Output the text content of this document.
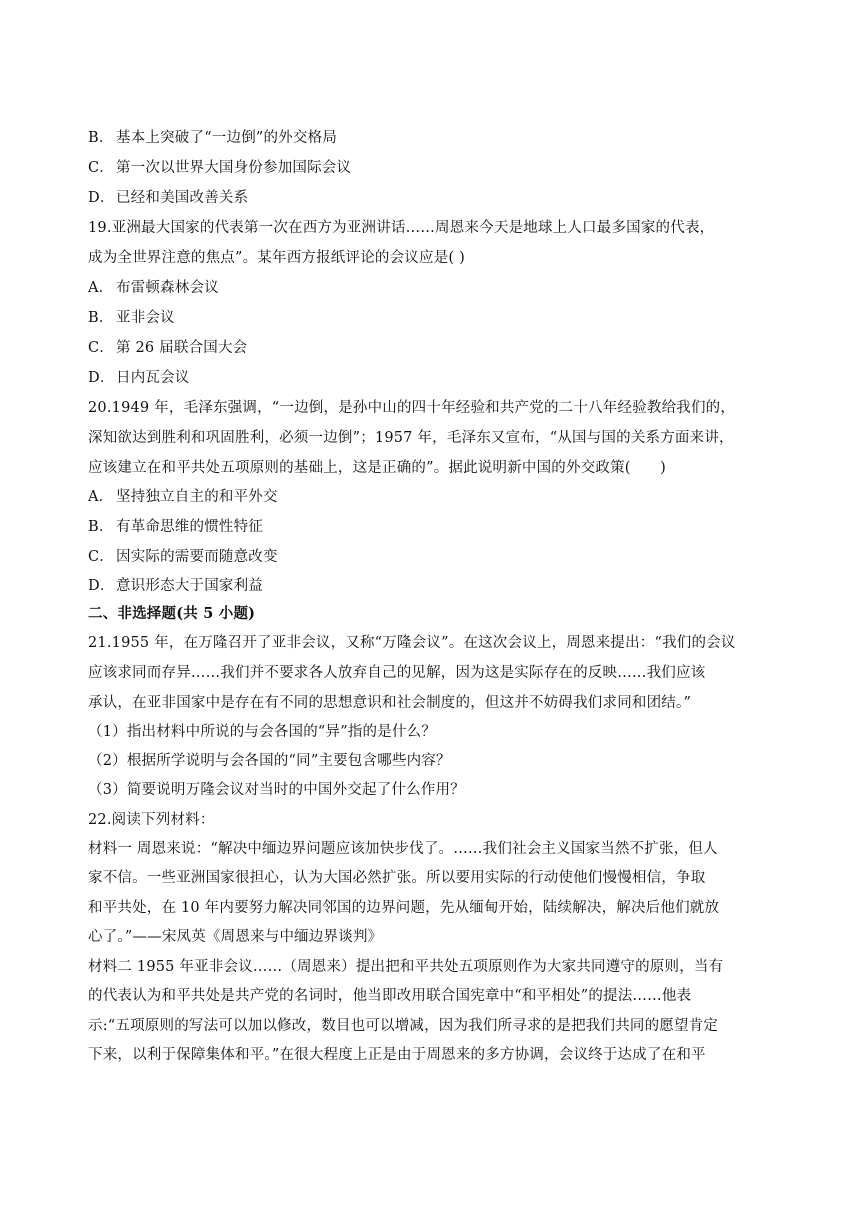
B． 基本上突破了“一边倒”的外交格局
C． 第一次以世界大国身份参加国际会议
D．已经和美国改善关系
19.亚洲最大国家的代表第一次在西方为亚洲讲话……周恩来今天是地球上人口最多国家的代表，
成为全世界注意的焦点”。某年西方报纸评论的会议应是( )
A． 布雷顿森林会议
B． 亚非会议
C． 第 26 届联合国大会
D．日内瓦会议
20.1949 年，毛泽东强调，“一边倒，是孙中山的四十年经验和共产党的二十八年经验教给我们的，
深知欲达到胜利和巩固胜利，必须一边倒”；1957 年，毛泽东又宣布，“从国与国的关系方面来讲，
应该建立在和平共处五项原则的基础上，这是正确的”。据此说明新中国的外交政策(　　)
A． 坚持独立自主的和平外交
B． 有革命思维的惯性特征
C． 因实际的需要而随意改变
D．意识形态大于国家利益
二、非选择题(共 5 小题)
21.1955 年，在万隆召开了亚非会议，又称“万隆会议”。在这次会议上，周恩来提出：“我们的会议
应该求同而存异……我们并不要求各人放弃自己的见解，因为这是实际存在的反映……我们应该
承认，在亚非国家中是存在有不同的思想意识和社会制度的，但这并不妨碍我们求同和团结。”
（1）指出材料中所说的与会各国的“异”指的是什么？
（2）根据所学说明与会各国的“同”主要包含哪些内容？
（3）简要说明万隆会议对当时的中国外交起了什么作用？
22.阅读下列材料：
材料一 周恩来说：“解决中缅边界问题应该加快步伐了。……我们社会主义国家当然不扩张，但人
家不信。一些亚洲国家很担心，认为大国必然扩张。所以要用实际的行动使他们慢慢相信，争取
和平共处，在 10 年内要努力解决同邻国的边界问题，先从缅甸开始，陆续解决，解决后他们就放
心了。”——宋凤英《周恩来与中缅边界谈判》
材料二 1955 年亚非会议……（周恩来）提出把和平共处五项原则作为大家共同遵守的原则，当有
的代表认为和平共处是共产党的名词时，他当即改用联合国宪章中“和平相处”的提法……他表
示:“五项原则的写法可以加以修改，数目也可以增减，因为我们所寻求的是把我们共同的愿望肯定
下来，以利于保障集体和平。”在很大程度上正是由于周恩来的多方协调，会议终于达成了在和平
